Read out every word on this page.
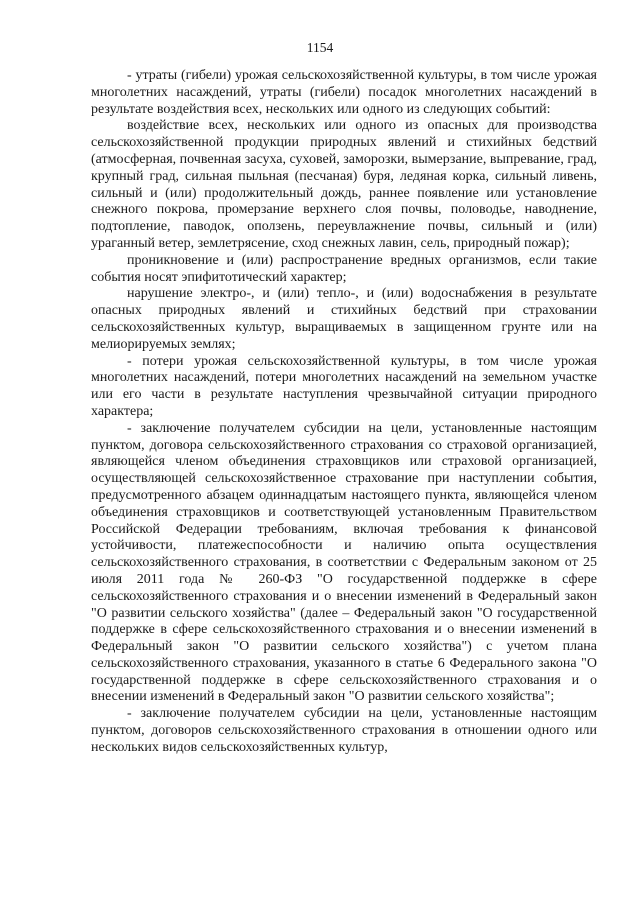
1154

- утраты (гибели) урожая сельскохозяйственной культуры, в том числе урожая многолетних насаждений, утраты (гибели) посадок многолетних насаждений в результате воздействия всех, нескольких или одного из следующих событий:

воздействие всех, нескольких или одного из опасных для производства сельскохозяйственной продукции природных явлений и стихийных бедствий (атмосферная, почвенная засуха, суховей, заморозки, вымерзание, выпревание, град, крупный град, сильная пыльная (песчаная) буря, ледяная корка, сильный ливень, сильный и (или) продолжительный дождь, раннее появление или установление снежного покрова, промерзание верхнего слоя почвы, половодье, наводнение, подтопление, паводок, оползень, переувлажнение почвы, сильный и (или) ураганный ветер, землетрясение, сход снежных лавин, сель, природный пожар);

проникновение и (или) распространение вредных организмов, если такие события носят эпифитотический характер;

нарушение электро-, и (или) тепло-, и (или) водоснабжения в результате опасных природных явлений и стихийных бедствий при страховании сельскохозяйственных культур, выращиваемых в защищенном грунте или на мелиорируемых землях;

- потери урожая сельскохозяйственной культуры, в том числе урожая многолетних насаждений, потери многолетних насаждений на земельном участке или его части в результате наступления чрезвычайной ситуации природного характера;

- заключение получателем субсидии на цели, установленные настоящим пунктом, договора сельскохозяйственного страхования со страховой организацией, являющейся членом объединения страховщиков или страховой организацией, осуществляющей сельскохозяйственное страхование при наступлении события, предусмотренного абзацем одиннадцатым настоящего пункта, являющейся членом объединения страховщиков и соответствующей установленным Правительством Российской Федерации требованиям, включая требования к финансовой устойчивости, платежеспособности и наличию опыта осуществления сельскохозяйственного страхования, в соответствии с Федеральным законом от 25 июля 2011 года № 260-ФЗ "О государственной поддержке в сфере сельскохозяйственного страхования и о внесении изменений в Федеральный закон "О развитии сельского хозяйства" (далее – Федеральный закон "О государственной поддержке в сфере сельскохозяйственного страхования и о внесении изменений в Федеральный закон "О развитии сельского хозяйства") с учетом плана сельскохозяйственного страхования, указанного в статье 6 Федерального закона "О государственной поддержке в сфере сельскохозяйственного страхования и о внесении изменений в Федеральный закон "О развитии сельского хозяйства";

- заключение получателем субсидии на цели, установленные настоящим пунктом, договоров сельскохозяйственного страхования в отношении одного или нескольких видов сельскохозяйственных культур,
